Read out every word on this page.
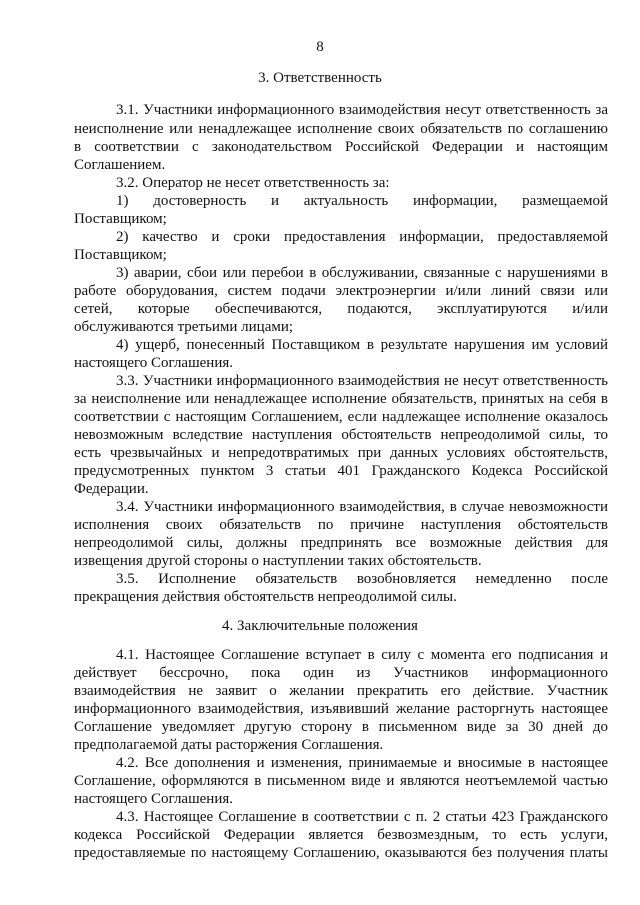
8
3. Ответственность
3.1. Участники информационного взаимодействия несут ответственность за
неисполнение или ненадлежащее исполнение своих обязательств по соглашению
в соответствии с законодательством Российской Федерации и настоящим
Соглашением.
3.2. Оператор не несет ответственность за:
1) достоверность и актуальность информации, размещаемой
Поставщиком;
2) качество и сроки предоставления информации, предоставляемой
Поставщиком;
3) аварии, сбои или перебои в обслуживании, связанные с нарушениями в
работе оборудования, систем подачи электроэнергии и/или линий связи или
сетей, которые обеспечиваются, подаются, эксплуатируются и/или
обслуживаются третьими лицами;
4) ущерб, понесенный Поставщиком в результате нарушения им условий
настоящего Соглашения.
3.3. Участники информационного взаимодействия не несут ответственность
за неисполнение или ненадлежащее исполнение обязательств, принятых на себя в
соответствии с настоящим Соглашением, если надлежащее исполнение оказалось
невозможным вследствие наступления обстоятельств непреодолимой силы, то
есть чрезвычайных и непредотвратимых при данных условиях обстоятельств,
предусмотренных пунктом 3 статьи 401 Гражданского Кодекса Российской
Федерации.
3.4. Участники информационного взаимодействия, в случае невозможности
исполнения своих обязательств по причине наступления обстоятельств
непреодолимой силы, должны предпринять все возможные действия для
извещения другой стороны о наступлении таких обстоятельств.
3.5. Исполнение обязательств возобновляется немедленно после
прекращения действия обстоятельств непреодолимой силы.
4. Заключительные положения
4.1. Настоящее Соглашение вступает в силу с момента его подписания и
действует бессрочно, пока один из Участников информационного
взаимодействия не заявит о желании прекратить его действие. Участник
информационного взаимодействия, изъявивший желание расторгнуть настоящее
Соглашение уведомляет другую сторону в письменном виде за 30 дней до
предполагаемой даты расторжения Соглашения.
4.2. Все дополнения и изменения, принимаемые и вносимые в настоящее
Соглашение, оформляются в письменном виде и являются неотъемлемой частью
настоящего Соглашения.
4.3. Настоящее Соглашение в соответствии с п. 2 статьи 423 Гражданского
кодекса Российской Федерации является безвозмездным, то есть услуги,
предоставляемые по настоящему Соглашению, оказываются без получения платы
